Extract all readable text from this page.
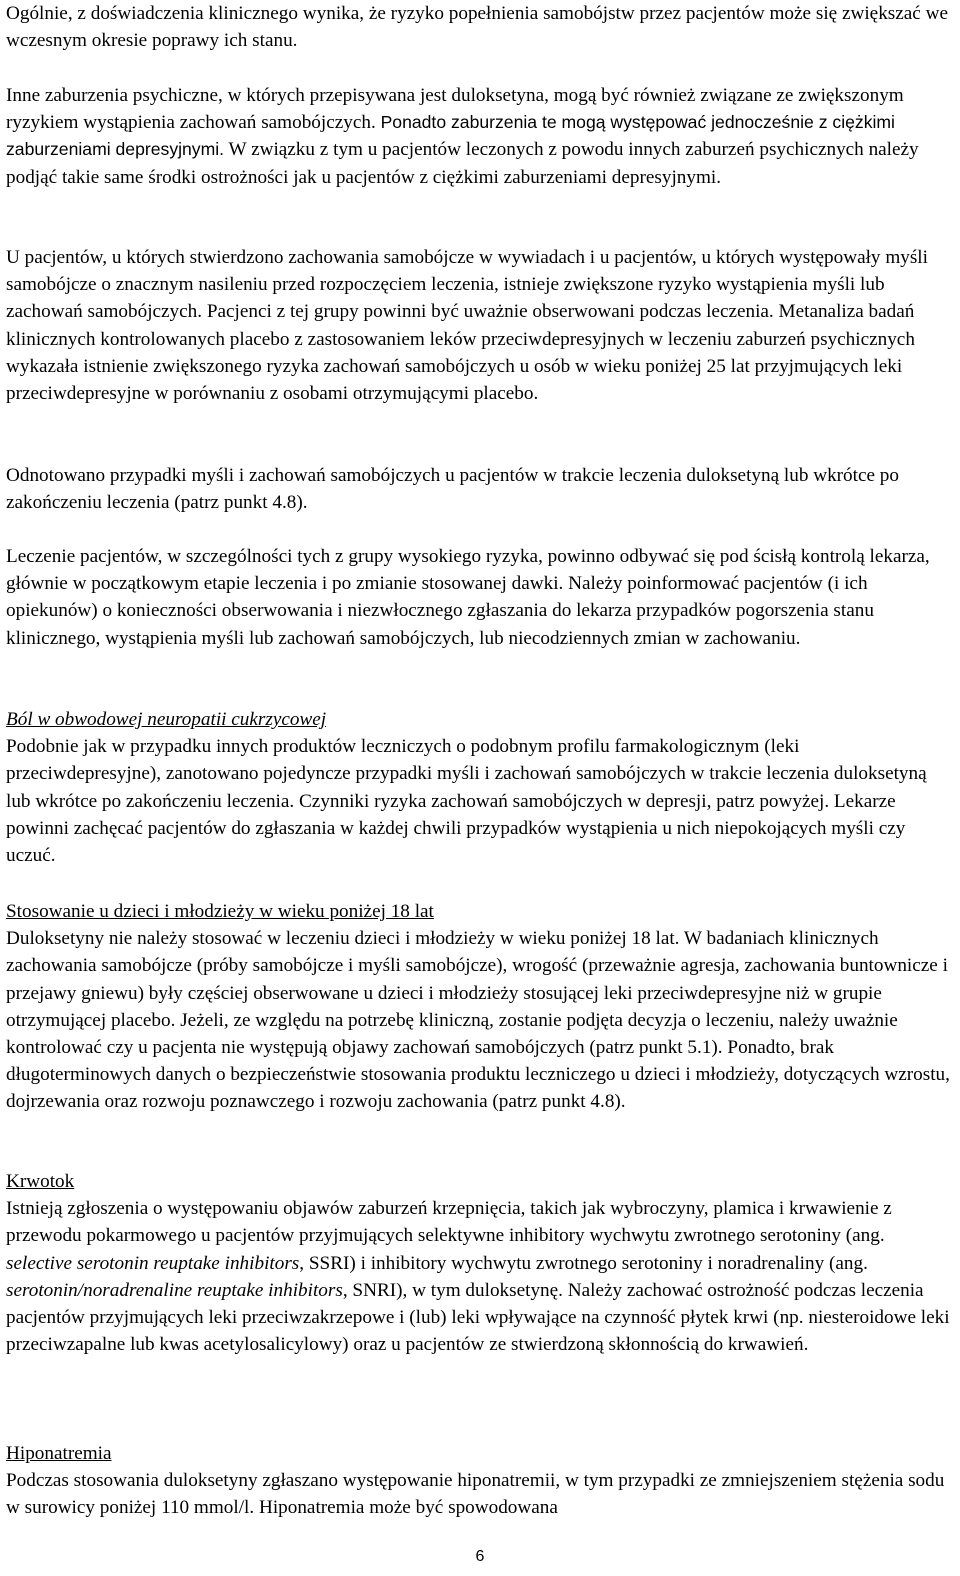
Ogólnie, z doświadczenia klinicznego wynika, że ryzyko popełnienia samobójstw przez pacjentów może się zwiększać we wczesnym okresie poprawy ich stanu.

Inne zaburzenia psychiczne, w których przepisywana jest duloksetyna, mogą być również związane ze zwiększonym ryzykiem wystąpienia zachowań samobójczych. Ponadto zaburzenia te mogą występować jednocześnie z ciężkimi zaburzeniami depresyjnymi. W związku z tym u pacjentów leczonych z powodu innych zaburzeń psychicznych należy podjąć takie same środki ostrożności jak u pacjentów z ciężkimi zaburzeniami depresyjnymi.

U pacjentów, u których stwierdzono zachowania samobójcze w wywiadach i u pacjentów, u których występowały myśli samobójcze o znacznym nasileniu przed rozpoczęciem leczenia, istnieje zwiększone ryzyko wystąpienia myśli lub zachowań samobójczych. Pacjenci z tej grupy powinni być uważnie obserwowani podczas leczenia. Metanaliza badań klinicznych kontrolowanych placebo z zastosowaniem leków przeciwdepresyjnych w leczeniu zaburzeń psychicznych wykazała istnienie zwiększonego ryzyka zachowań samobójczych u osób w wieku poniżej 25 lat przyjmujących leki przeciwdepresyjne w porównaniu z osobami otrzymującymi placebo.

Odnotowano przypadki myśli i zachowań samobójczych u pacjentów w trakcie leczenia duloksetyną lub wkrótce po zakończeniu leczenia (patrz punkt 4.8).

Leczenie pacjentów, w szczególności tych z grupy wysokiego ryzyka, powinno odbywać się pod ścisłą kontrolą lekarza, głównie w początkowym etapie leczenia i po zmianie stosowanej dawki. Należy poinformować pacjentów (i ich opiekunów) o konieczności obserwowania i niezwłocznego zgłaszania do lekarza przypadków pogorszenia stanu klinicznego, wystąpienia myśli lub zachowań samobójczych, lub niecodziennych zmian w zachowaniu.

Ból w obwodowej neuropatii cukrzycowej
Podobnie jak w przypadku innych produktów leczniczych o podobnym profilu farmakologicznym (leki przeciwdepresyjne), zanotowano pojedyncze przypadki myśli i zachowań samobójczych w trakcie leczenia duloksetyną lub wkrótce po zakończeniu leczenia. Czynniki ryzyka zachowań samobójczych w depresji, patrz powyżej. Lekarze powinni zachęcać pacjentów do zgłaszania w każdej chwili przypadków wystąpienia u nich niepokojących myśli czy uczuć.
Stosowanie u dzieci i młodzieży w wieku poniżej 18 lat
Duloksetyny nie należy stosować w leczeniu dzieci i młodzieży w wieku poniżej 18 lat. W badaniach klinicznych zachowania samobójcze (próby samobójcze i myśli samobójcze), wrogość (przeważnie agresja, zachowania buntownicze i przejawy gniewu) były częściej obserwowane u dzieci i młodzieży stosującej leki przeciwdepresyjne niż w grupie otrzymującej placebo. Jeżeli, ze względu na potrzebę kliniczną, zostanie podjęta decyzja o leczeniu, należy uważnie kontrolować czy u pacjenta nie występują objawy zachowań samobójczych (patrz punkt 5.1). Ponadto, brak długoterminowych danych o bezpieczeństwie stosowania produktu leczniczego u dzieci i młodzieży, dotyczących wzrostu, dojrzewania oraz rozwoju poznawczego i rozwoju zachowania (patrz punkt 4.8).
Krwotok
Istnieją zgłoszenia o występowaniu objawów zaburzeń krzepnięcia, takich jak wybroczyny, plamica i krwawienie z przewodu pokarmowego u pacjentów przyjmujących selektywne inhibitory wychwytu zwrotnego serotoniny (ang. selective serotonin reuptake inhibitors, SSRI) i inhibitory wychwytu zwrotnego serotoniny i noradrenaliny (ang. serotonin/noradrenaline reuptake inhibitors, SNRI), w tym duloksetynę. Należy zachować ostrożność podczas leczenia pacjentów przyjmujących leki przeciwzakrzepowe i (lub) leki wpływające na czynność płytek krwi (np. niesteroidowe leki przeciwzapalne lub kwas acetylosalicylowy) oraz u pacjentów ze stwierdzoną skłonnością do krwawień.
Hiponatremia
Podczas stosowania duloksetyny zgłaszano występowanie hiponatremii, w tym przypadki ze zmniejszeniem stężenia sodu w surowicy poniżej 110 mmol/l. Hiponatremia może być spowodowana
6
